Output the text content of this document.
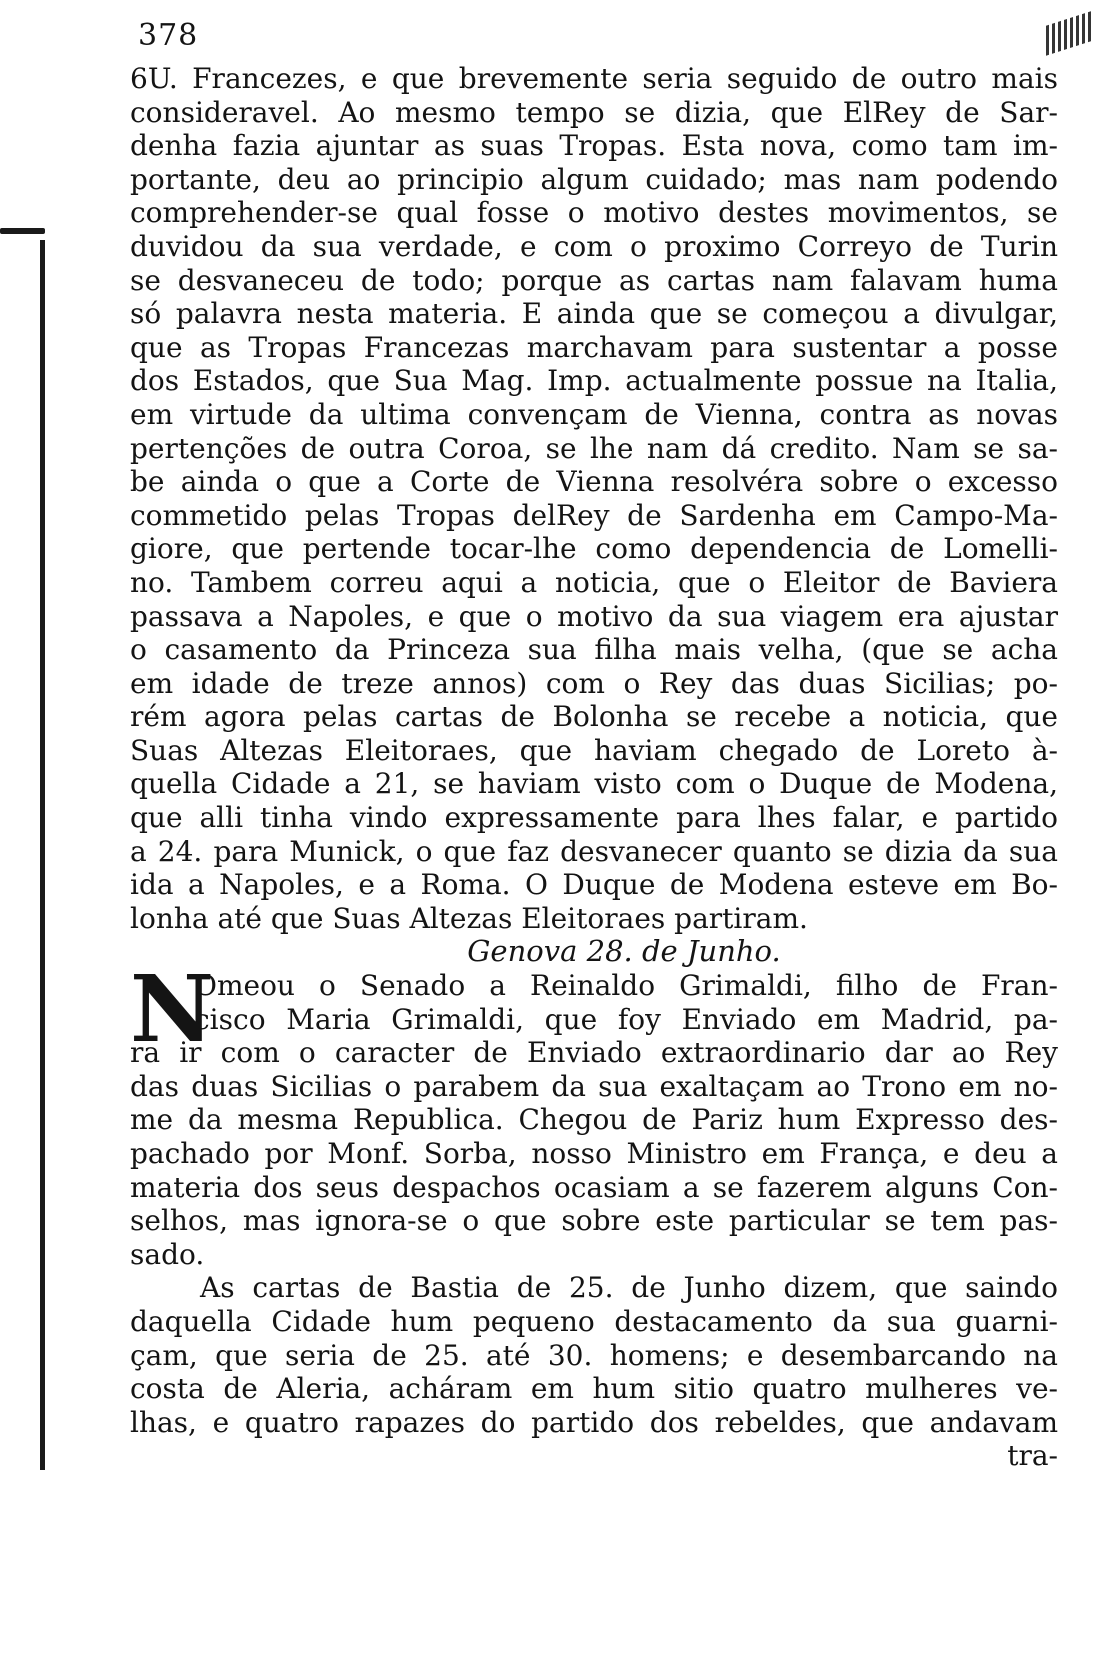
378
6U. Francezes, e que brevemente seria seguido de outro mais
consideravel. Ao mesmo tempo se dizia, que ElRey de Sar-
denha fazia ajuntar as suas Tropas. Esta nova, como tam im-
portante, deu ao principio algum cuidado; mas nam podendo
comprehender-se qual fosse o motivo destes movimentos, se
duvidou da sua verdade, e com o proximo Correyo de Turin
se desvaneceu de todo; porque as cartas nam falavam huma
só palavra nesta materia. E ainda que se começou a divulgar,
que as Tropas Francezas marchavam para sustentar a posse
dos Estados, que Sua Mag. Imp. actualmente possue na Italia,
em virtude da ultima convençam de Vienna, contra as novas
pertenções de outra Coroa, se lhe nam dá credito. Nam se sa-
be ainda o que a Corte de Vienna resolvéra sobre o excesso
commetido pelas Tropas delRey de Sardenha em Campo-Ma-
giore, que pertende tocar-lhe como dependencia de Lomelli-
no. Tambem correu aqui a noticia, que o Eleitor de Baviera
passava a Napoles, e que o motivo da sua viagem era ajustar
o casamento da Princeza sua filha mais velha, (que se acha
em idade de treze annos) com o Rey das duas Sicilias; po-
rém agora pelas cartas de Bolonha se recebe a noticia, que
Suas Altezas Eleitoraes, que haviam chegado de Loreto à-
quella Cidade a 21, se haviam visto com o Duque de Modena,
que alli tinha vindo expressamente para lhes falar, e partido
a 24. para Munick, o que faz desvanecer quanto se dizia da sua
ida a Napoles, e a Roma. O Duque de Modena esteve em Bo-
lonha até que Suas Altezas Eleitoraes partiram.
Genova 28. de Junho.
N
Omeou o Senado a Reinaldo Grimaldi, filho de Fran-
cisco Maria Grimaldi, que foy Enviado em Madrid, pa-
ra ir com o caracter de Enviado extraordinario dar ao Rey
das duas Sicilias o parabem da sua exaltaçam ao Trono em no-
me da mesma Republica. Chegou de Pariz hum Expresso des-
pachado por Monf. Sorba, nosso Ministro em França, e deu a
materia dos seus despachos ocasiam a se fazerem alguns Con-
selhos, mas ignora-se o que sobre este particular se tem pas-
sado.
As cartas de Bastia de 25. de Junho dizem, que saindo
daquella Cidade hum pequeno destacamento da sua guarni-
çam, que seria de 25. até 30. homens; e desembarcando na
costa de Aleria, acháram em hum sitio quatro mulheres ve-
lhas, e quatro rapazes do partido dos rebeldes, que andavam
tra-
